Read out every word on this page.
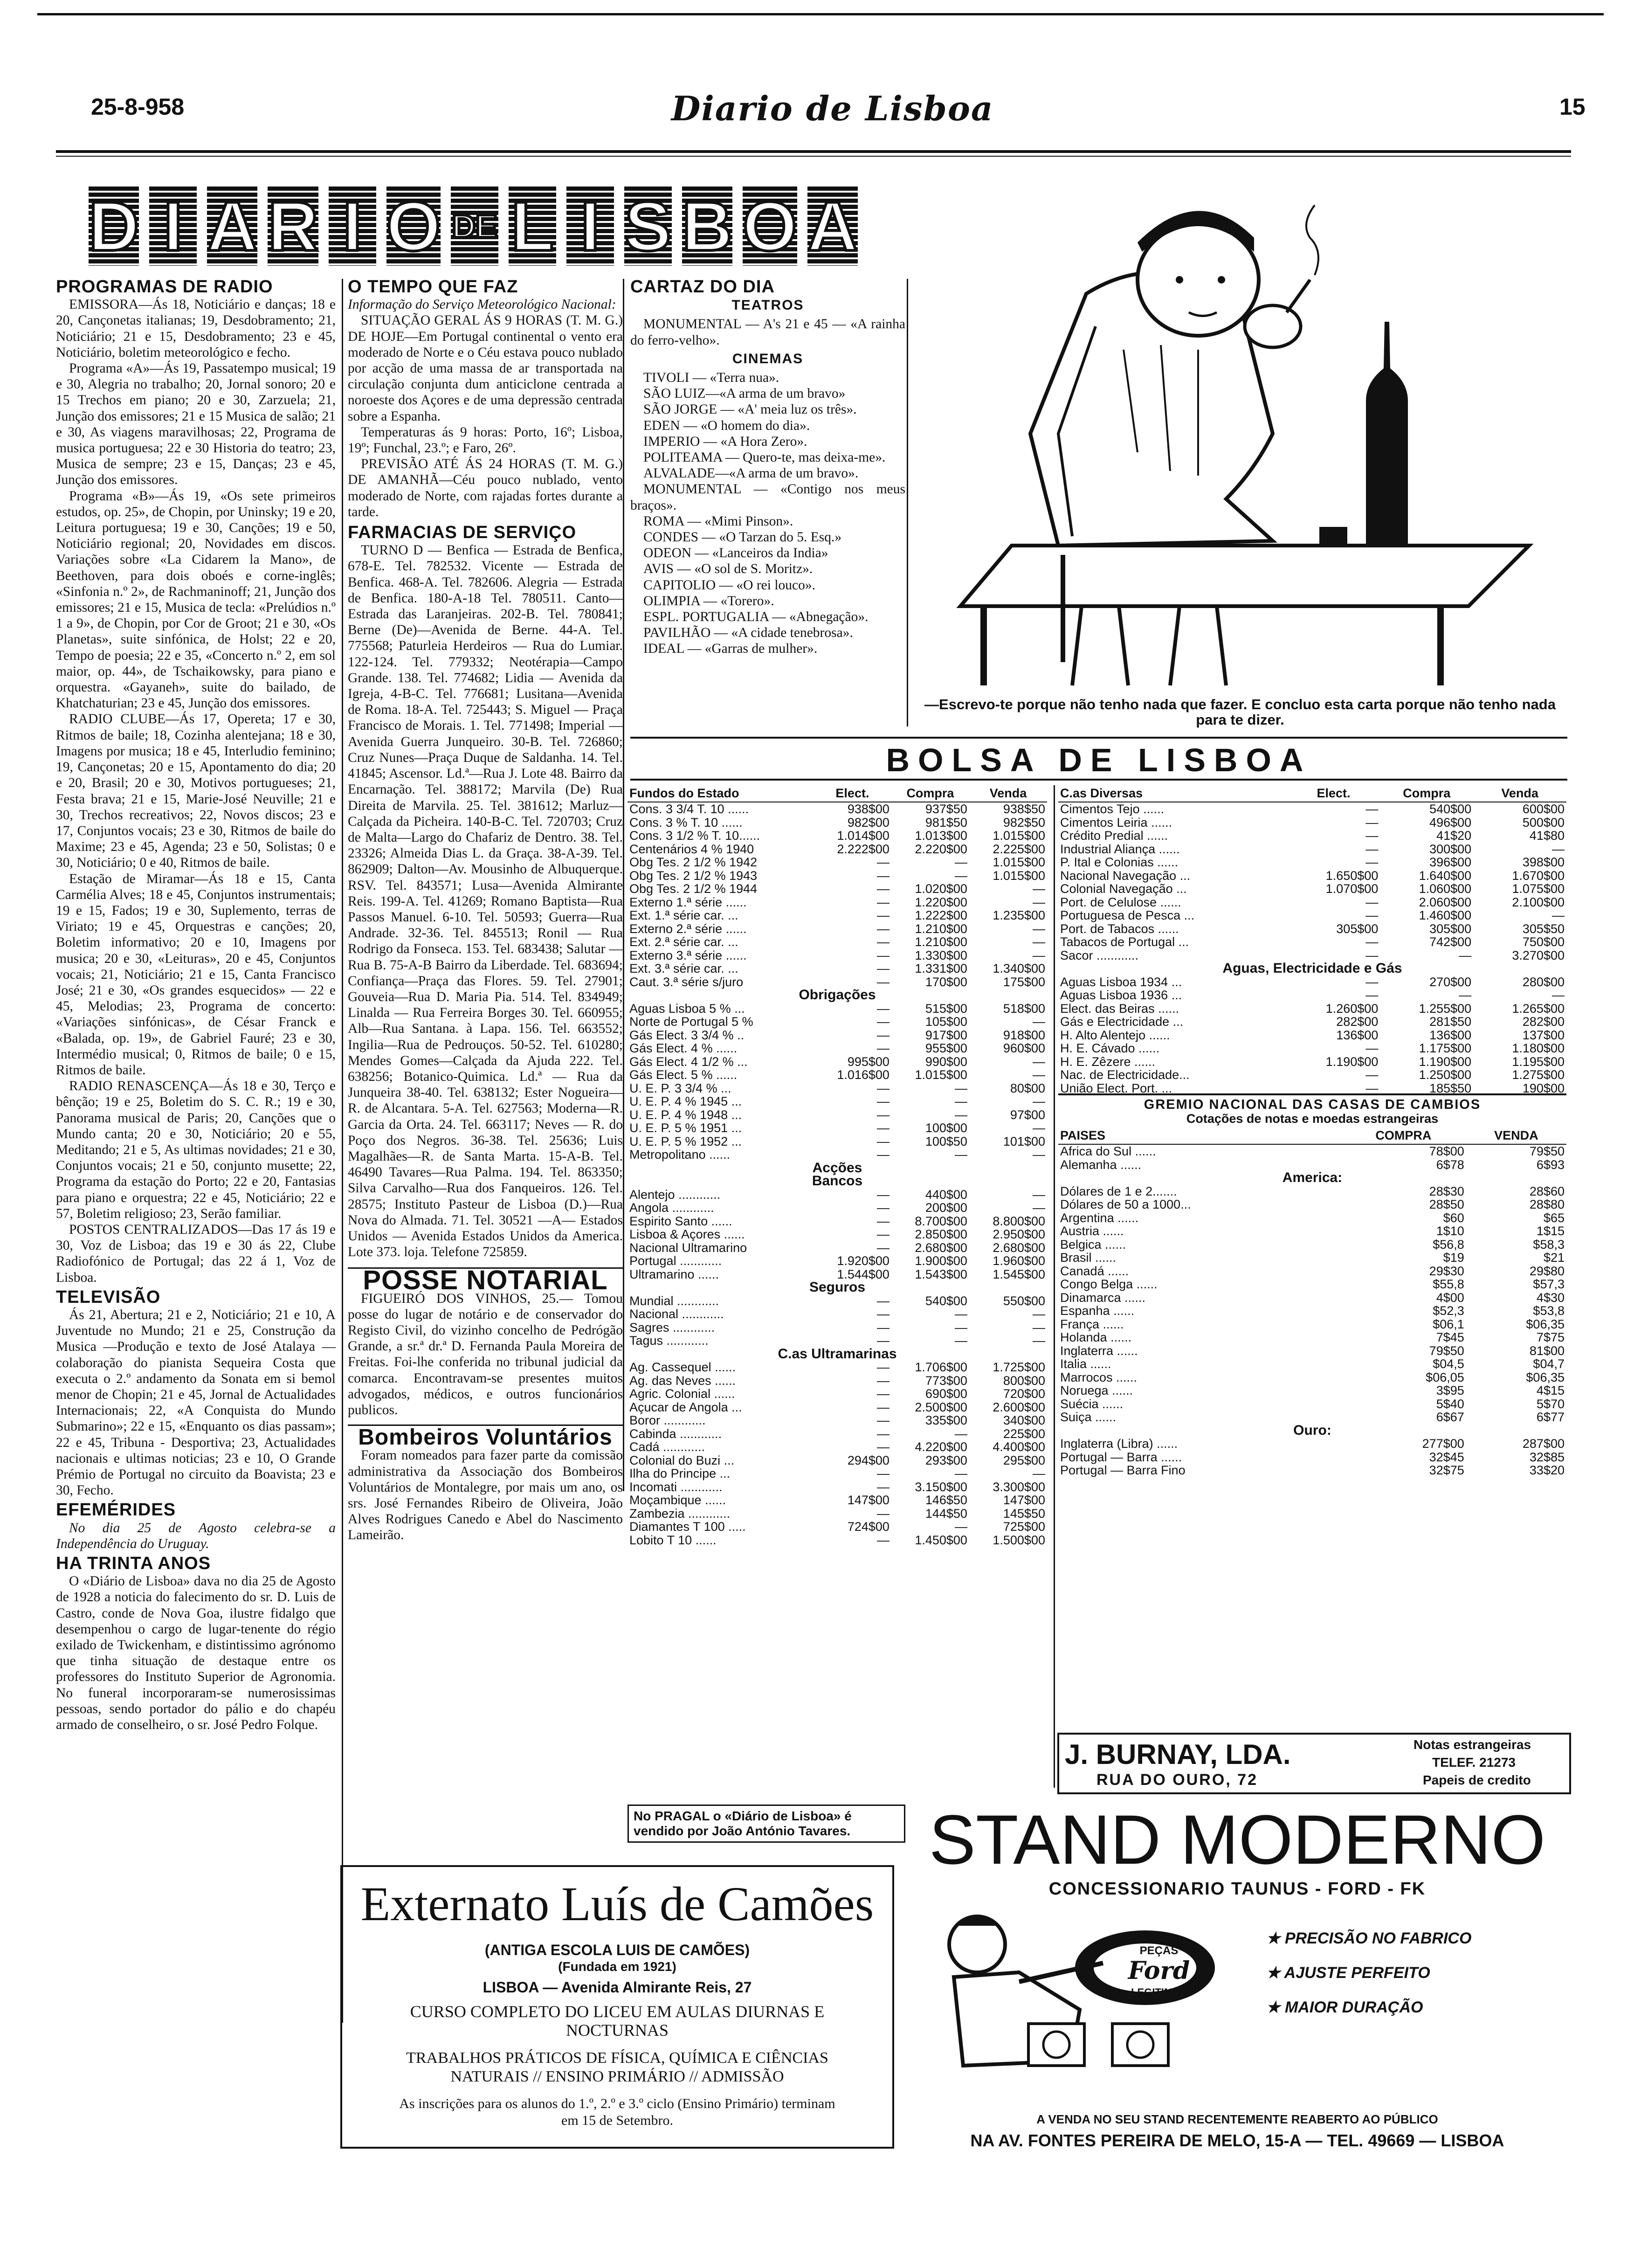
25-8-958	Diario de Lisboa	15
D I A R I O DE L I S B O A
PROGRAMAS DE RADIO

EMISSORA—Ás 18, Noticiário e danças; 18 e 20, Cançonetas italianas; 19, Desdobramento; 21, Noticiário; 21 e 15, Desdobramento; 23 e 45, Noticiário, boletim meteorológico e fecho.

Programa «A»—Ás 19, Passatempo musical; 19 e 30, Alegria no trabalho; 20, Jornal sonoro; 20 e 15 Trechos em piano; 20 e 30, Zarzuela; 21, Junção dos emissores; 21 e 15 Musica de salão; 21 e 30, As viagens maravilhosas; 22, Programa de musica portuguesa; 22 e 30 Historia do teatro; 23, Musica de sempre; 23 e 15, Danças; 23 e 45, Junção dos emissores.

Programa «B»—Ás 19, «Os sete primeiros estudos, op. 25», de Chopin, por Uninsky; 19 e 20, Leitura portuguesa; 19 e 30, Canções; 19 e 50, Noticiário regional; 20, Novidades em discos. Variações sobre «La Cidarem la Mano», de Beethoven, para dois oboés e corne-inglês; «Sinfonia n.º 2», de Rachmaninoff; 21, Junção dos emissores; 21 e 15, Musica de tecla: «Prelúdios n.º 1 a 9», de Chopin, por Cor de Groot; 21 e 30, «Os Planetas», suite sinfónica, de Holst; 22 e 20, Tempo de poesia; 22 e 35, «Concerto n.º 2, em sol maior, op. 44», de Tschaikowsky, para piano e orquestra. «Gayaneh», suite do bailado, de Khatchaturian; 23 e 45, Junção dos emissores.

RADIO CLUBE—Ás 17, Opereta; 17 e 30, Ritmos de baile; 18, Cozinha alentejana; 18 e 30, Imagens por musica; 18 e 45, Interludio feminino; 19, Cançonetas; 20 e 15, Apontamento do dia; 20 e 20, Brasil; 20 e 30, Motivos portugueses; 21, Festa brava; 21 e 15, Marie-José Neuville; 21 e 30, Trechos recreativos; 22, Novos discos; 23 e 17, Conjuntos vocais; 23 e 30, Ritmos de baile do Maxime; 23 e 45, Agenda; 23 e 50, Solistas; 0 e 30, Noticiário; 0 e 40, Ritmos de baile.

Estação de Miramar—Ás 18 e 15, Canta Carmélia Alves; 18 e 45, Conjuntos instrumentais; 19 e 15, Fados; 19 e 30, Suplemento, terras de Viriato; 19 e 45, Orquestras e canções; 20, Boletim informativo; 20 e 10, Imagens por musica; 20 e 30, «Leituras», 20 e 45, Conjuntos vocais; 21, Noticiário; 21 e 15, Canta Francisco José; 21 e 30, «Os grandes esquecidos» — 22 e 45, Melodias; 23, Programa de concerto: «Variações sinfónicas», de César Franck e «Balada, op. 19», de Gabriel Fauré; 23 e 30, Intermédio musical; 0, Ritmos de baile; 0 e 15, Ritmos de baile.

RADIO RENASCENÇA—Ás 18 e 30, Terço e bênção; 19 e 25, Boletim do S. C. R.; 19 e 30, Panorama musical de Paris; 20, Canções que o Mundo canta; 20 e 30, Noticiário; 20 e 55, Meditando; 21 e 5, As ultimas novidades; 21 e 30, Conjuntos vocais; 21 e 50, conjunto musette; 22, Programa da estação do Porto; 22 e 20, Fantasias para piano e orquestra; 22 e 45, Noticiário; 22 e 57, Boletim religioso; 23, Serão familiar.

POSTOS CENTRALIZADOS—Das 17 ás 19 e 30, Voz de Lisboa; das 19 e 30 ás 22, Clube Radiofónico de Portugal; das 22 á 1, Voz de Lisboa.

TELEVISÃO

Ás 21, Abertura; 21 e 2, Noticiário; 21 e 10, A Juventude no Mundo; 21 e 25, Construção da Musica —Produção e texto de José Atalaya —colaboração do pianista Sequeira Costa que executa o 2.º andamento da Sonata em si bemol menor de Chopin; 21 e 45, Jornal de Actualidades Internacionais; 22, «A Conquista do Mundo Submarino»; 22 e 15, «Enquanto os dias passam»; 22 e 45, Tribuna - Desportiva; 23, Actualidades nacionais e ultimas noticias; 23 e 10, O Grande Prémio de Portugal no circuito da Boavista; 23 e 30, Fecho.

EFEMÉRIDES

No dia 25 de Agosto celebra-se a Independência do Uruguay.

HA TRINTA ANOS

O «Diário de Lisboa» dava no dia 25 de Agosto de 1928 a noticia do falecimento do sr. D. Luis de Castro, conde de Nova Goa, ilustre fidalgo que desempenhou o cargo de lugar-tenente do régio exilado de Twickenham, e distintissimo agrónomo que tinha situação de destaque entre os professores do Instituto Superior de Agronomia. No funeral incorporaram-se numerosissimas pessoas, sendo portador do pálio e do chapéu armado de conselheiro, o sr. José Pedro Folque.

O TEMPO QUE FAZ

Informação do Serviço Meteorológico Nacional:

SITUAÇÃO GERAL ÁS 9 HORAS (T. M. G.) DE HOJE—Em Portugal continental o vento era moderado de Norte e o Céu estava pouco nublado por acção de uma massa de ar transportada na circulação conjunta dum anticiclone centrada a noroeste dos Açores e de uma depressão centrada sobre a Espanha.

Temperaturas ás 9 horas: Porto, 16º; Lisboa, 19º; Funchal, 23.º; e Faro, 26º.

PREVISÃO ATÉ ÁS 24 HORAS (T. M. G.) DE AMANHÃ—Céu pouco nublado, vento moderado de Norte, com rajadas fortes durante a tarde.

FARMACIAS DE SERVIÇO

TURNO D — Benfica — Estrada de Benfica, 678-E. Tel. 782532. Vicente — Estrada de Benfica. 468-A. Tel. 782606. Alegria — Estrada de Benfica. 180-A-18 Tel. 780511. Canto—Estrada das Laranjeiras. 202-B. Tel. 780841; Berne (De)—Avenida de Berne. 44-A. Tel. 775568; Paturleia Herdeiros — Rua do Lumiar. 122-124. Tel. 779332; Neotérapia—Campo Grande. 138. Tel. 774682; Lidia — Avenida da Igreja, 4-B-C. Tel. 776681; Lusitana—Avenida de Roma. 18-A. Tel. 725443; S. Miguel — Praça Francisco de Morais. 1. Tel. 771498; Imperial — Avenida Guerra Junqueiro. 30-B. Tel. 726860; Cruz Nunes—Praça Duque de Saldanha. 14. Tel. 41845; Ascensor. Ld.ª—Rua J. Lote 48. Bairro da Encarnação. Tel. 388172; Marvila (De) Rua Direita de Marvila. 25. Tel. 381612; Marluz—Calçada da Picheira. 140-B-C. Tel. 720703; Cruz de Malta—Largo do Chafariz de Dentro. 38. Tel. 23326; Almeida Dias L. da Graça. 38-A-39. Tel. 862909; Dalton—Av. Mousinho de Albuquerque. RSV. Tel. 843571; Lusa—Avenida Almirante Reis. 199-A. Tel. 41269; Romano Baptista—Rua Passos Manuel. 6-10. Tel. 50593; Guerra—Rua Andrade. 32-36. Tel. 845513; Ronil — Rua Rodrigo da Fonseca. 153. Tel. 683438; Salutar — Rua B. 75-A-B Bairro da Liberdade. Tel. 683694; Confiança—Praça das Flores. 59. Tel. 27901; Gouveia—Rua D. Maria Pia. 514. Tel. 834949; Linalda — Rua Ferreira Borges 30. Tel. 660955; Alb—Rua Santana. à Lapa. 156. Tel. 663552; Ingilia—Rua de Pedrouços. 50-52. Tel. 610280; Mendes Gomes—Calçada da Ajuda 222. Tel. 638256; Botanico-Quimica. Ld.ª — Rua da Junqueira 38-40. Tel. 638132; Ester Nogueira—R. de Alcantara. 5-A. Tel. 627563; Moderna—R. Garcia da Orta. 24. Tel. 663117; Neves — R. do Poço dos Negros. 36-38. Tel. 25636; Luis Magalhães—R. de Santa Marta. 15-A-B. Tel. 46490 Tavares—Rua Palma. 194. Tel. 863350; Silva Carvalho—Rua dos Fanqueiros. 126. Tel. 28575; Instituto Pasteur de Lisboa (D.)—Rua Nova do Almada. 71. Tel. 30521 —A— Estados Unidos — Avenida Estados Unidos da America. Lote 373. loja. Telefone 725859.

POSSE NOTARIAL

FIGUEIRÓ DOS VINHOS, 25.— Tomou posse do lugar de notário e de conservador do Registo Civil, do vizinho concelho de Pedrógão Grande, a sr.ª dr.ª D. Fernanda Paula Moreira de Freitas. Foi-lhe conferida no tribunal judicial da comarca. Encontravam-se presentes muitos advogados, médicos, e outros funcionários publicos.

Bombeiros Voluntários

Foram nomeados para fazer parte da comissão administrativa da Associação dos Bombeiros Voluntários de Montalegre, por mais um ano, os srs. José Fernandes Ribeiro de Oliveira, João Alves Rodrigues Canedo e Abel do Nascimento Lameirão.

CARTAZ DO DIA
TEATROS

MONUMENTAL — A's 21 e 45 — «A rainha do ferro-velho».

CINEMAS

TIVOLI — «Terra nua».

SÃO LUIZ—«A arma de um bravo»

SÃO JORGE — «A' meia luz os três».

EDEN — «O homem do dia».

IMPERIO — «A Hora Zero».

POLITEAMA — Quero-te, mas deixa-me».

ALVALADE—«A arma de um bravo».

MONUMENTAL — «Contigo nos meus braços».

ROMA — «Mimi Pinson».

CONDES — «O Tarzan do 5. Esq.»

ODEON — «Lanceiros da India»

AVIS — «O sol de S. Moritz».

CAPITOLIO — «O rei louco».

OLIMPIA — «Torero».

ESPL. PORTUGALIA — «Abnegação».

PAVILHÃO — «A cidade tenebrosa».

IDEAL — «Garras de mulher».

—Escrevo-te porque não tenho nada que fazer. E concluo esta carta porque não tenho nada para te dizer.
BOLSA DE LISBOA
Fundos do Estado	Elect.	Compra	Venda
Cons. 3 3/4 T. 10 ......	938$00	937$50	938$50
Cons. 3 % T. 10 ......	982$00	981$50	982$50
Cons. 3 1/2 % T. 10......	1.014$00	1.013$00	1.015$00
Centenários 4 % 1940	2.222$00	2.220$00	2.225$00
Obg Tes. 2 1/2 % 1942	—	—	1.015$00
Obg Tes. 2 1/2 % 1943	—	—	1.015$00
Obg Tes. 2 1/2 % 1944	—	1.020$00	—
Externo 1.ª série ......	—	1.220$00	—
Ext. 1.ª série car. ...	—	1.222$00	1.235$00
Externo 2.ª série ......	—	1.210$00	—
Ext. 2.ª série car. ...	—	1.210$00	—
Externo 3.ª série ......	—	1.330$00	—
Ext. 3.ª série car. ...	—	1.331$00	1.340$00
Caut. 3.ª série s/juro	—	170$00	175$00
Obrigações			
Aguas Lisboa 5 % ...	—	515$00	518$00
Norte de Portugal 5 %	—	105$00	—
Gás Elect. 3 3/4 % ..	—	917$00	918$00
Gás Elect. 4 % ......	—	955$00	960$00
Gás Elect. 4 1/2 % ...	995$00	990$00	—
Gás Elect. 5 % ......	1.016$00	1.015$00	—
U. E. P. 3 3/4 % ...	—	—	80$00
U. E. P. 4 % 1945 ...	—	—	—
U. E. P. 4 % 1948 ...	—	—	97$00
U. E. P. 5 % 1951 ...	—	100$00	—
U. E. P. 5 % 1952 ...	—	100$50	101$00
Metropolitano ......	—	—	—
Acções			
Bancos			
Alentejo ............	—	440$00	—
Angola ............	—	200$00	—
Espirito Santo ......	—	8.700$00	8.800$00
Lisboa & Açores ......	—	2.850$00	2.950$00
Nacional Ultramarino	—	2.680$00	2.680$00
Portugal ............	1.920$00	1.900$00	1.960$00
Ultramarino ......	1.544$00	1.543$00	1.545$00
Seguros			
Mundial ............	—	540$00	550$00
Nacional ............	—	—	—
Sagres ............	—	—	—
Tagus ............	—	—	—
C.as Ultramarinas			
Ag. Cassequel ......	—	1.706$00	1.725$00
Ag. das Neves ......	—	773$00	800$00
Agric. Colonial ......	—	690$00	720$00
Açucar de Angola ...	—	2.500$00	2.600$00
Boror ............	—	335$00	340$00
Cabinda ............	—	—	225$00
Cadá ............	—	4.220$00	4.400$00
Colonial do Buzi ...	294$00	293$00	295$00
Ilha do Principe ...	—	—	—
Incomati ............	—	3.150$00	3.300$00
Moçambique ......	147$00	146$50	147$00
Zambezia ............	—	144$50	145$50
Diamantes T 100 .....	724$00	—	725$00
Lobito T 10 ......	—	1.450$00	1.500$00
C.as Diversas	Elect.	Compra	Venda
Cimentos Tejo ......	—	540$00	600$00
Cimentos Leiria ......	—	496$00	500$00
Crédito Predial ......	—	41$20	41$80
Industrial Aliança ......	—	300$00	—
P. Ital e Colonias ......	—	396$00	398$00
Nacional Navegação ...	1.650$00	1.640$00	1.670$00
Colonial Navegação ...	1.070$00	1.060$00	1.075$00
Port. de Celulose ......	—	2.060$00	2.100$00
Portuguesa de Pesca ...	—	1.460$00	—
Port. de Tabacos ......	305$00	305$00	305$50
Tabacos de Portugal ...	—	742$00	750$00
Sacor ............	—	—	3.270$00
Aguas, Electricidade e Gás			
Aguas Lisboa 1934 ...	—	270$00	280$00
Aguas Lisboa 1936 ...	—	—	—
Elect. das Beiras ......	1.260$00	1.255$00	1.265$00
Gás e Electricidade ...	282$00	281$50	282$00
H. Alto Alentejo ......	136$00	136$00	137$00
H. E. Cávado ......	—	1.175$00	1.180$00
H. E. Zêzere ......	1.190$00	1.190$00	1.195$00
Nac. de Electricidade...	—	1.250$00	1.275$00
União Elect. Port. ...	—	185$50	190$00
GREMIO NACIONAL DAS CASAS DE CAMBIOS
Cotações de notas e moedas estrangeiras
PAISES	COMPRA	VENDA
Africa do Sul ......	78$00	79$50
Alemanha ......	6$78	6$93
America:		
Dólares de 1 e 2.......	28$30	28$60
Dólares de 50 a 1000...	28$50	28$80
Argentina ......	$60	$65
Austria ......	1$10	1$15
Belgica ......	$56,8	$58,3
Brasil ......	$19	$21
Canadá ......	29$30	29$80
Congo Belga ......	$55,8	$57,3
Dinamarca ......	4$00	4$30
Espanha ......	$52,3	$53,8
França ......	$06,1	$06,35
Holanda ......	7$45	7$75
Inglaterra ......	79$50	81$00
Italia ......	$04,5	$04,7
Marrocos ......	$06,05	$06,35
Noruega ......	3$95	4$15
Suécia ......	5$40	5$70
Suiça ......	6$67	6$77
Ouro:		
Inglaterra (Libra) ......	277$00	287$00
Portugal — Barra ......	32$45	32$85
Portugal — Barra Fino	32$75	33$20
J. BURNAY, LDA.
RUA DO OURO, 72
Notas estrangeiras
TELEF. 21273
Papeis de credito
No PRAGAL o «Diário de Lisboa» é vendido por João António Tavares.
Externato Luís de Camões
(ANTIGA ESCOLA LUIS DE CAMÕES)
(Fundada em 1921)
LISBOA — Avenida Almirante Reis, 27
CURSO COMPLETO DO LICEU EM AULAS DIURNAS E NOCTURNAS
TRABALHOS PRÁTICOS DE FÍSICA, QUÍMICA E CIÊNCIAS NATURAIS // ENSINO PRIMÁRIO // ADMISSÃO
As inscrições para os alunos do 1.º, 2.º e 3.º ciclo (Ensino Primário) terminam em 15 de Setembro.
STAND MODERNO
CONCESSIONARIO TAUNUS - FORD - FK
PEÇAS
Ford
LEGITIMAS
★ PRECISÃO NO FABRICO
★ AJUSTE PERFEITO
★ MAIOR DURAÇÃO
A VENDA NO SEU STAND RECENTEMENTE REABERTO AO PÚBLICO
NA AV. FONTES PEREIRA DE MELO, 15-A — TEL. 49669 — LISBOA
